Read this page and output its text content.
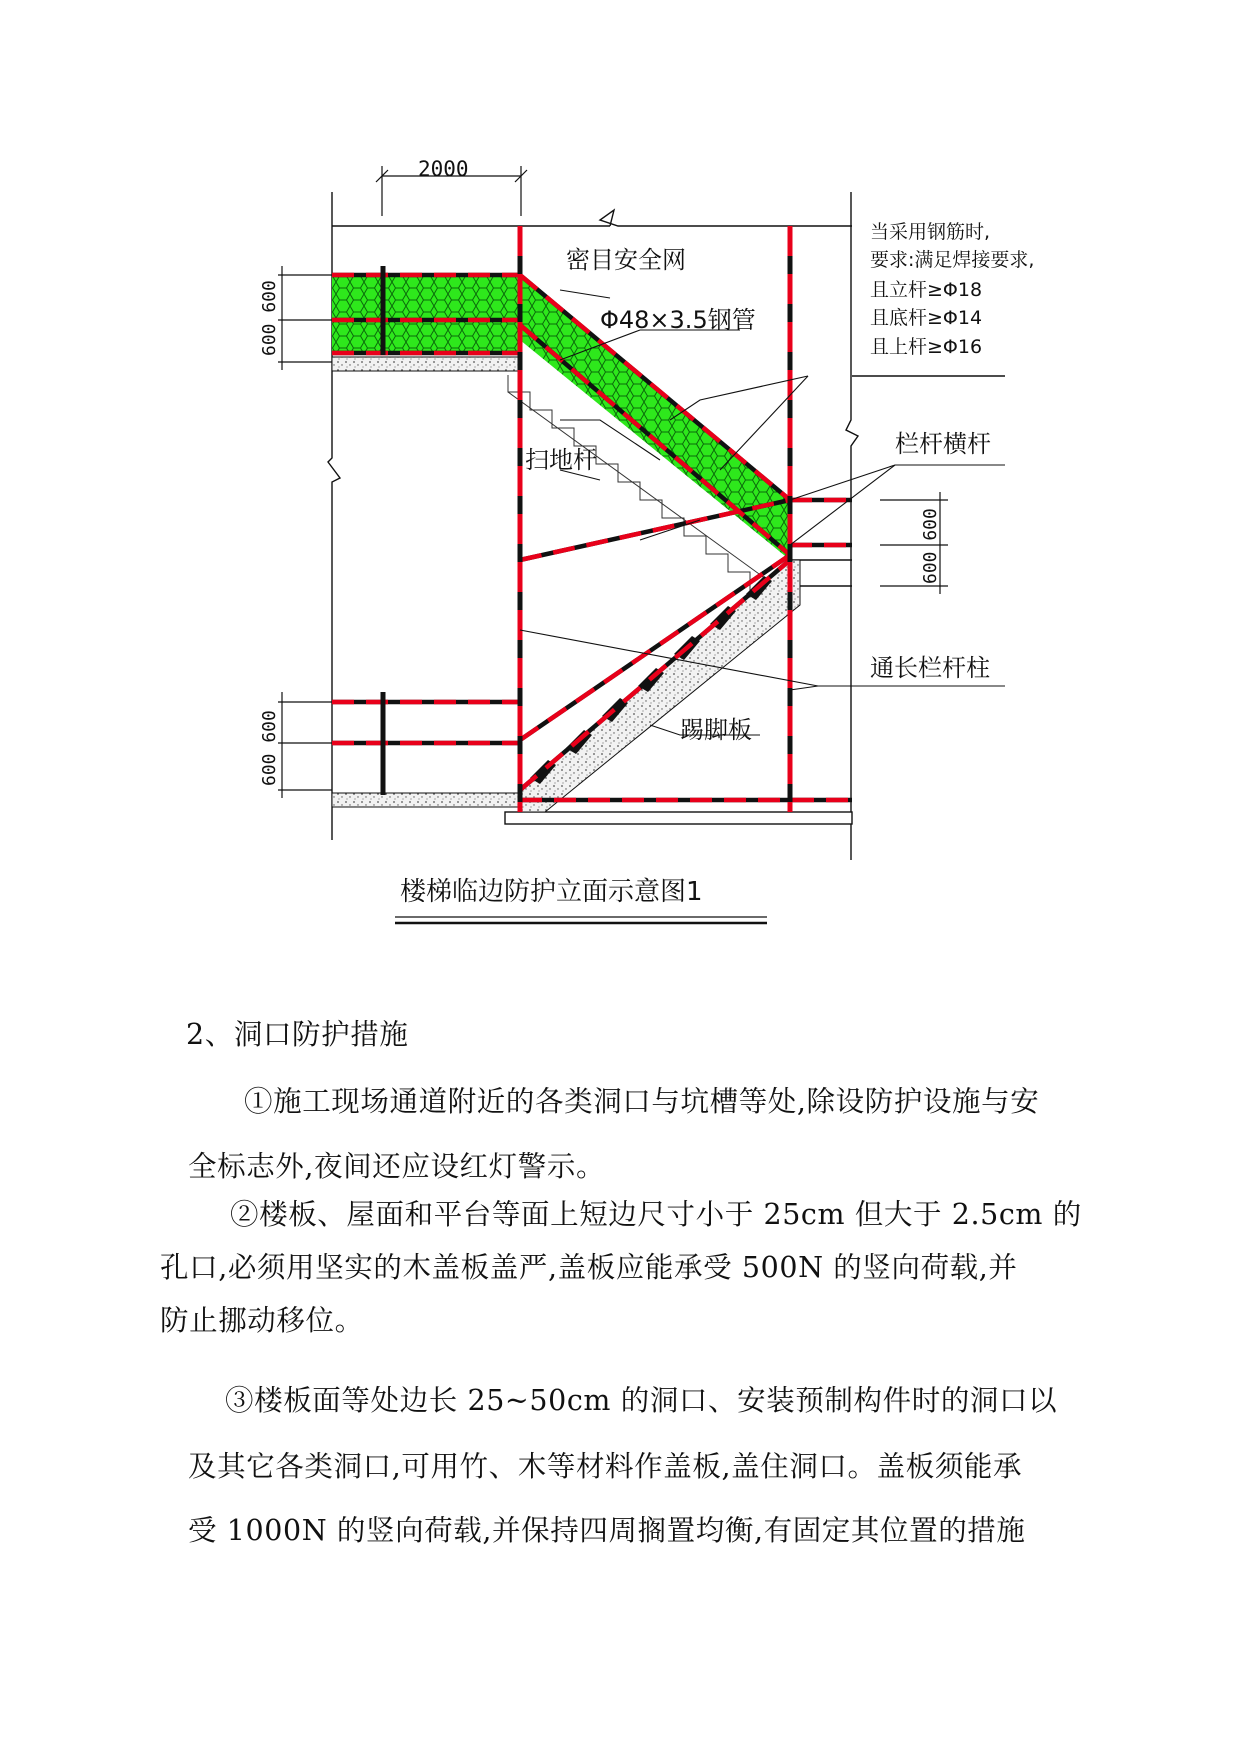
2000
600 600
600 600
600 600
密目安全网
Φ48×3.5钢管
扫地杆
栏杆横杆
通长栏杆柱
踢脚板
当采用钢筋时,
要求:满足焊接要求,
且立杆≥Φ18
且底杆≥Φ14
且上杆≥Φ16
楼梯临边防护立面示意图1

2、洞口防护措施

①施工现场通道附近的各类洞口与坑槽等处,除设防护设施与安

全标志外,夜间还应设红灯警示。

②楼板、屋面和平台等面上短边尺寸小于 25cm 但大于 2.5cm 的

孔口,必须用坚实的木盖板盖严,盖板应能承受 500N 的竖向荷载,并

防止挪动移位。

③楼板面等处边长 25~50cm 的洞口、安装预制构件时的洞口以

及其它各类洞口,可用竹、木等材料作盖板,盖住洞口。盖板须能承

受 1000N 的竖向荷载,并保持四周搁置均衡,有固定其位置的措施
